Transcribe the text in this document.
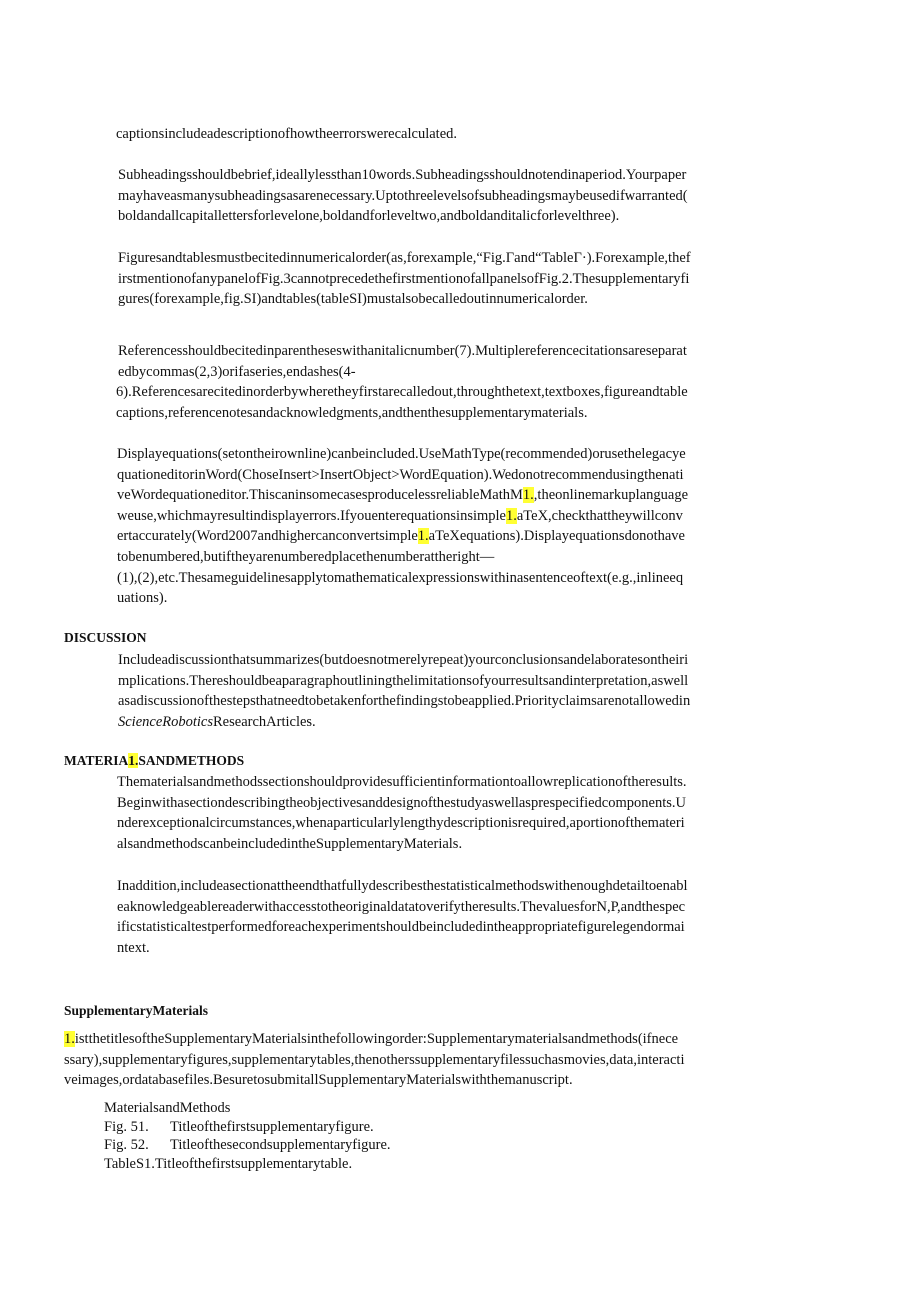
captionsincludeadescriptionofhowtheerrorswerecalculated.

Subheadingsshouldbebrief,ideallylessthan10words.Subheadingsshouldnotendinaperiod.Yourpaper
mayhaveasmanysubheadingsasarenecessary.Uptothreelevelsofsubheadingsmaybeusedifwarranted(
boldandallcapitallettersforlevelone,boldandforleveltwo,andboldanditalicforlevelthree).

Figuresandtablesmustbecitedinnumericalorder(as,forexample,“Fig.Γand“TableΓ·).Forexample,thef
irstmentionofanypanelofFig.3cannotprecedethefirstmentionofallpanelsofFig.2.Thesupplementaryfi
gures(forexample,fig.SI)andtables(tableSI)mustalsobecalledoutinnumericalorder.

Referencesshouldbecitedinparentheseswithanitalicnumber(7).Multiplereferencecitationsareseparat
edbycommas(2,3)orifaseries,endashes(4-
6).Referencesarecitedinorderbywheretheyfirstarecalledout,throughthetext,textboxes,figureandtable
captions,referencenotesandacknowledgments,andthenthesupplementarymaterials.

Displayequations(setontheirownline)canbeincluded.UseMathType(recommended)orusethelegacye
quationeditorinWord(ChoseInsert>InsertObject>WordEquation).Wedonotrecommendusingthenati
veWordequationeditor.ThiscaninsomecasesproducelessreliableMathM1.,theonlinemarkuplanguage
weuse,whichmayresultindisplayerrors.Ifyouenterequationsinsimple1.aTeX,checkthattheywillconv
ertaccurately(Word2007andhighercanconvertsimple1.aTeXequations).Displayequationsdonothave
tobenumbered,butiftheyarenumberedplacethenumberattheright—
(1),(2),etc.Thesameguidelinesapplytomathematicalexpressionswithinasentenceoftext(e.g.,inlineeq
uations).

DISCUSSION

Includeadiscussionthatsummarizes(butdoesnotmerelyrepeat)yourconclusionsandelaboratesontheiri
mplications.Thereshouldbeaparagraphoutliningthelimitationsofyourresultsandinterpretation,aswell
asadiscussionofthestepsthatneedtobetakenforthefindingstobeapplied.Priorityclaimsarenotallowedin
ScienceRoboticsResearchArticles.

MATERIA1.SANDMETHODS

Thematerialsandmethodssectionshouldprovidesufficientinformationtoallowreplicationoftheresults.
Beginwithasectiondescribingtheobjectivesanddesignofthestudyaswellasprespecifiedcomponents.U
nderexceptionalcircumstances,whenaparticularlylengthydescriptionisrequired,aportionofthemateri
alsandmethodscanbeincludedintheSupplementaryMaterials.

Inaddition,includeasectionattheendthatfullydescribesthestatisticalmethodswithenoughdetailtoenabl
eaknowledgeablereaderwithaccesstotheoriginaldatatoverifytheresults.ThevaluesforN,P,andthespec
ificstatisticaltestperformedforeachexperimentshouldbeincludedintheappropriatefigurelegendormai
ntext.

SupplementaryMaterials

1.istthetitlesoftheSupplementaryMaterialsinthefollowingorder:Supplementarymaterialsandmethods(ifnece
ssary),supplementaryfigures,supplementarytables,thenotherssupplementaryfilessuchasmovies,data,interacti
veimages,ordatabasefiles.BesuretosubmitallSupplementaryMaterialswiththemanuscript.

MaterialsandMethods
Fig. 51. Titleofthefirstsupplementaryfigure.
Fig. 52. Titleofthesecondsupplementaryfigure.
TableS1.Titleofthefirstsupplementarytable.
